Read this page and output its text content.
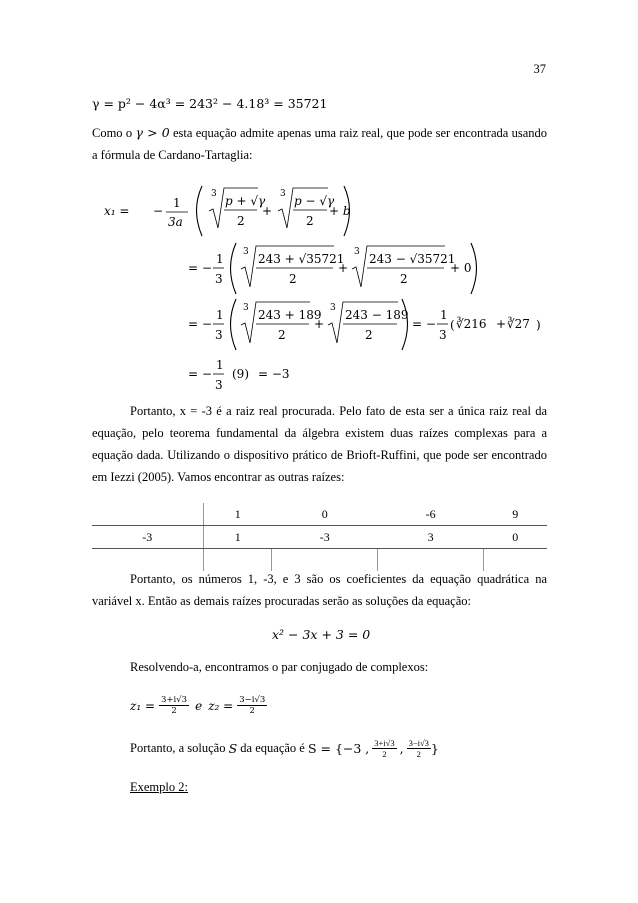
37
γ = p² − 4α³ = 243² − 4.18³ = 35721
Como o γ > 0 esta equação admite apenas uma raiz real, que pode ser encontrada usando a fórmula de Cardano-Tartaglia:
x₁ = −
1
3a
3 p + √γ
2
+
3 p − √γ
2
+ b
= −
1
3
3 243 + √35721
2
+
3 243 − √35721
2
+ 0
= −
1
3
3 243 + 189
2
+
3 243 − 189
2
= −
1
3
( ∛216 + ∛27 )
= −
1
3
(9) = −3
Portanto, x = -3 é a raiz real procurada. Pelo fato de esta ser a única raiz real da equação, pelo teorema fundamental da álgebra existem duas raízes complexas para a equação dada. Utilizando o dispositivo prático de Brioft-Ruffini, que pode ser encontrado em Iezzi (2005). Vamos encontrar as outras raízes:
	1	0	-6	9
-3	1	-3	3	0

Portanto, os números 1, -3, e 3 são os coeficientes da equação quadrática na variável x. Então as demais raízes procuradas serão as soluções da equação:
x² − 3x + 3 = 0
Resolvendo-a, encontramos o par conjugado de complexos:
$z_1 = \frac{3+i√3}{2}$ e $z_2 = \frac{3-i√3}{2}$
Portanto, a solução S da equação é S = {−3 , $\frac{3+i√3}{2}$ , $\frac{3-i√3}{2}$ }
Exemplo 2:
− 1 = − 1/3 ( ∛216 + ∛27 ) = − 1/3 (9) = −3
